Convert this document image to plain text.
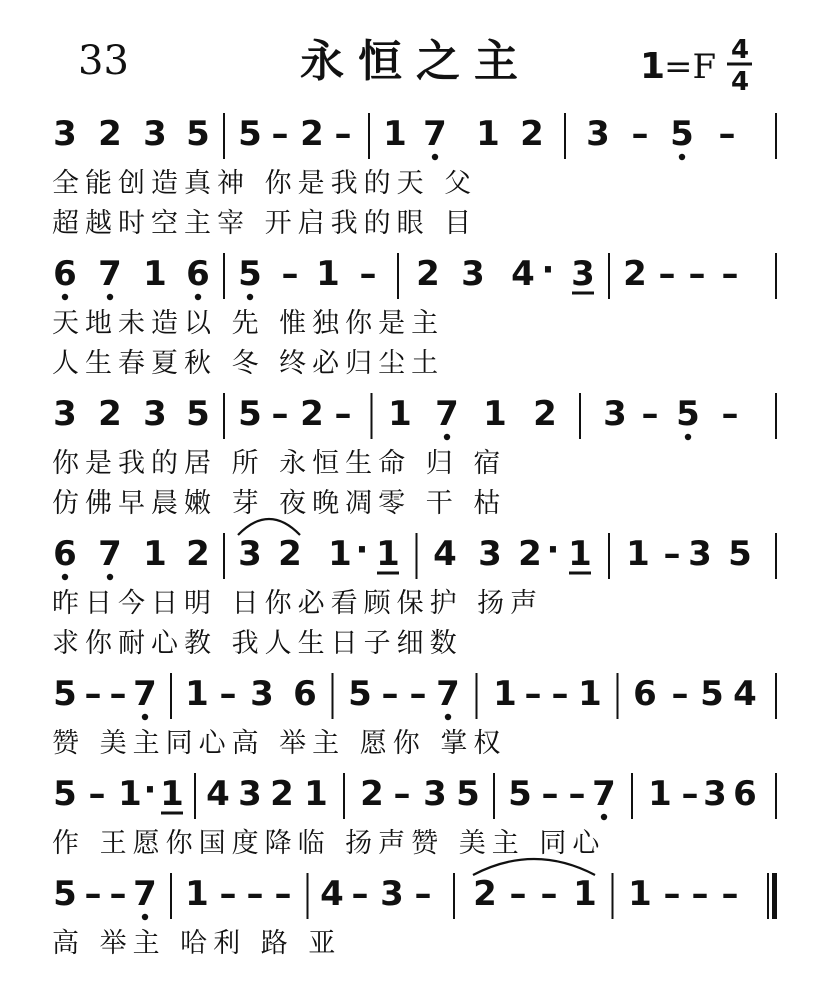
33	永恒之主	1
=F 4
4
3 2 3 5 5 – 2 – 1 7 1 2 3 – 5 –
全能创造真神 你是我的天 父
超越时空主宰 开启我的眼 目
6 7 1 6 5 – 1 – 2 3 4 · 3 2 – – –
天地未造以 先 惟独你是主
人生春夏秋 冬 终必归尘土
3 2 3 5 5 – 2 – 1 7 1 2 3 – 5 –
你是我的居 所 永恒生命 归 宿
仿佛早晨嫩 芽 夜晚凋零 干 枯
6 7 1 2 3 2 1 · 1 4 3 2 · 1 1 – 3 5
昨日今日明 日你必看顾保护 扬声
求你耐心教 我人生日子细数
5 – – 7 1 – 3 6 5 – – 7 1 – – 1 6 – 5 4
赞 美主同心高 举主 愿你 掌权
5 – 1 · 1 4 3 2 1 2 – 3 5 5 – – 7 1 – 3 6
作 王愿你国度降临 扬声赞 美主 同心
5 – – 7 1 – – – 4 – 3 – 2 – – 1 1 – – –
高 举主 哈利 路 亚
